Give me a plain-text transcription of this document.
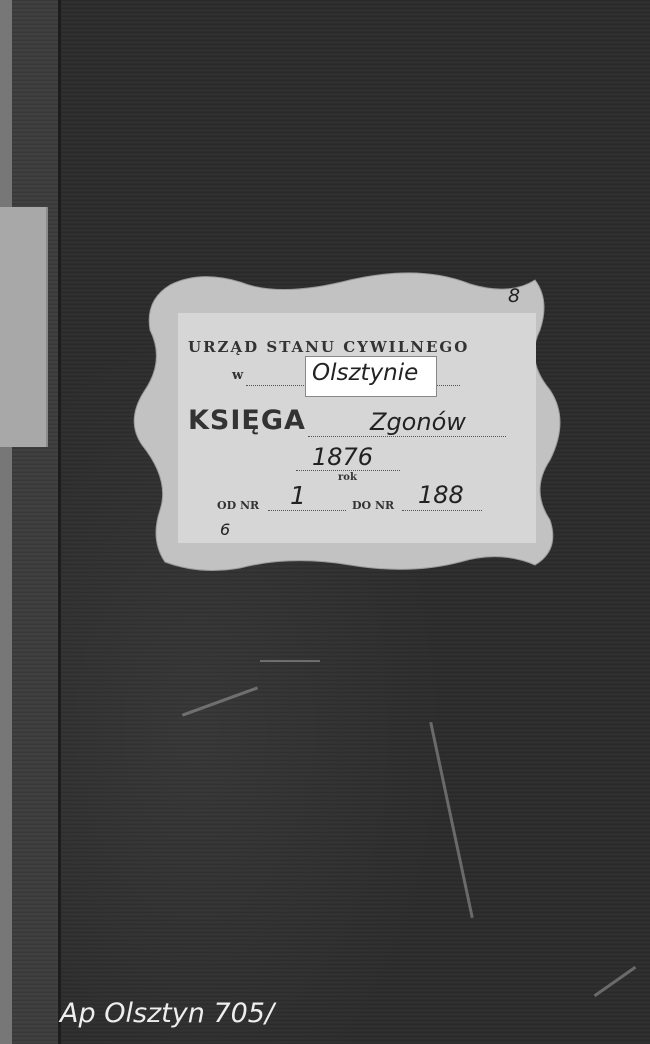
URZĄD STANU CYWILNEGO
w	Olsztynie
KSIĘGA	Zgonów
1876
rok
OD NR 1	DO NR 188
8
6
Ap Olsztyn 705/
